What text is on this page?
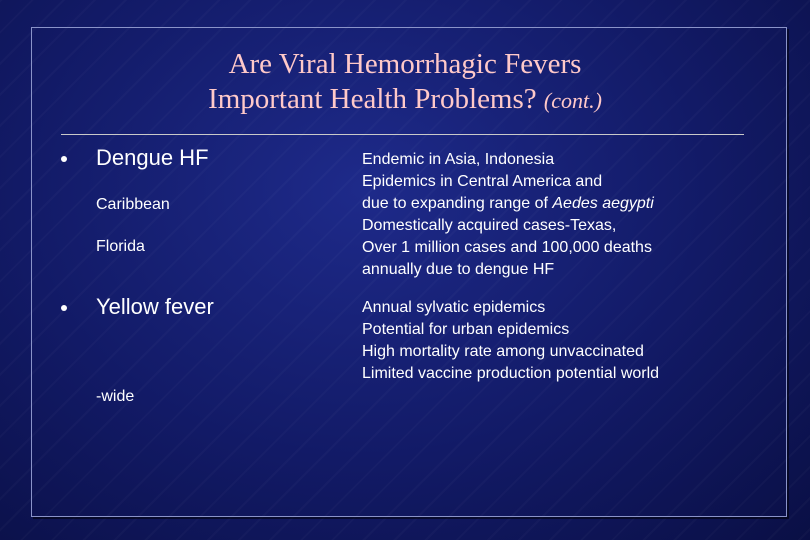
Are Viral Hemorrhagic Fevers
Important Health Problems? (cont.)
Dengue HF
Caribbean
Florida
Endemic in Asia, Indonesia
Epidemics in Central America and
due to expanding range of Aedes aegypti
Domestically acquired cases-Texas,
Over 1 million cases and 100,000 deaths
annually due to dengue HF
Yellow fever
-wide
Annual sylvatic epidemics
Potential for urban epidemics
High mortality rate among unvaccinated
Limited vaccine production potential world
